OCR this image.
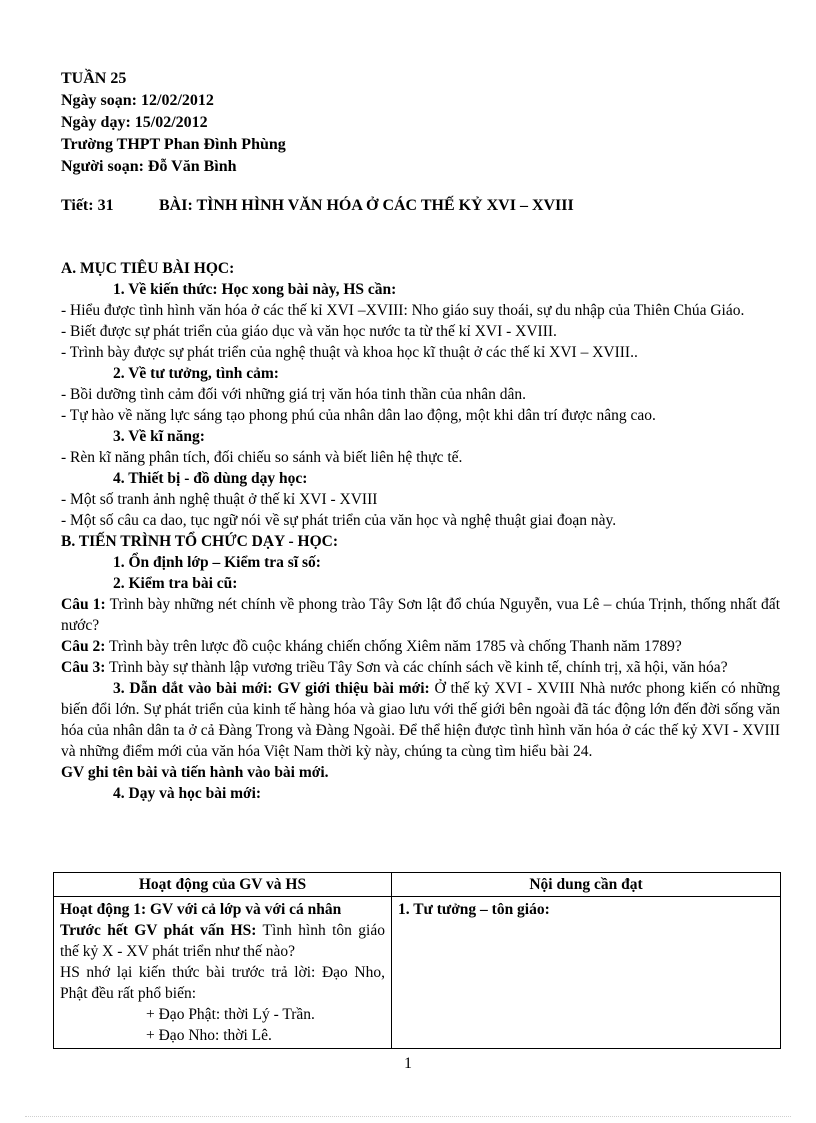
TUẦN 25
Ngày soạn: 12/02/2012
Ngày dạy: 15/02/2012
Trường THPT Phan Đình Phùng
Người soạn: Đỗ Văn Bình
Tiết: 31	BÀI: TÌNH HÌNH VĂN HÓA Ở CÁC THẾ KỶ XVI – XVIII

A. MỤC TIÊU BÀI HỌC:

1. Về kiến thức: Học xong bài này, HS cần:

- Hiểu được tình hình văn hóa ở các thế kỉ XVI –XVIII: Nho giáo suy thoái, sự du nhập của Thiên Chúa Giáo.

- Biết được sự phát triển của giáo dục và văn học nước ta từ thế kỉ XVI - XVIII.

- Trình bày được sự phát triển của nghệ thuật và khoa học kĩ thuật ở các thế kỉ XVI – XVIII..

2. Về tư tưởng, tình cảm:

- Bồi dưỡng tình cảm đối với những giá trị văn hóa tinh thần của nhân dân.

- Tự hào về năng lực sáng tạo phong phú của nhân dân lao động, một khi dân trí được nâng cao.

3. Về kĩ năng:

- Rèn kĩ năng phân tích, đối chiếu so sánh và biết liên hệ thực tế.

4. Thiết bị - đồ dùng dạy học:

- Một số tranh ảnh nghệ thuật ở thế kỉ XVI - XVIII

- Một số câu ca dao, tục ngữ nói về sự phát triển của văn học và nghệ thuật giai đoạn này.

B. TIẾN TRÌNH TỔ CHỨC DẠY - HỌC:

1. Ổn định lớp – Kiểm tra sĩ số:

2. Kiểm tra bài cũ:

Câu 1: Trình bày những nét chính về phong trào Tây Sơn lật đổ chúa Nguyễn, vua Lê – chúa Trịnh, thống nhất đất nước?

Câu 2: Trình bày trên lược đồ cuộc kháng chiến chống Xiêm năm 1785 và chống Thanh năm 1789?

Câu 3: Trình bày sự thành lập vương triều Tây Sơn và các chính sách về kinh tế, chính trị, xã hội, văn hóa?

3. Dẫn dắt vào bài mới: GV giới thiệu bài mới: Ở thế kỷ XVI - XVIII Nhà nước phong kiến có những biến đổi lớn. Sự phát triển của kinh tế hàng hóa và giao lưu với thế giới bên ngoài đã tác động lớn đến đời sống văn hóa của nhân dân ta ở cả Đàng Trong và Đàng Ngoài. Để thể hiện được tình hình văn hóa ở các thế kỷ XVI - XVIII và những điểm mới của văn hóa Việt Nam thời kỳ này, chúng ta cùng tìm hiểu bài 24.

GV ghi tên bài và tiến hành vào bài mới.

4. Dạy và học bài mới:

Hoạt động của GV và HS	Nội dung cần đạt

Hoạt động 1: GV với cả lớp và với cá nhân
Trước hết GV phát vấn HS: Tình hình tôn giáo thế kỷ X - XV phát triển như thế nào?
HS nhớ lại kiến thức bài trước trả lời: Đạo Nho, Phật đều rất phổ biến:
+ Đạo Phật: thời Lý - Trần.
+ Đạo Nho: thời Lê.	1. Tư tưởng – tôn giáo:
1
